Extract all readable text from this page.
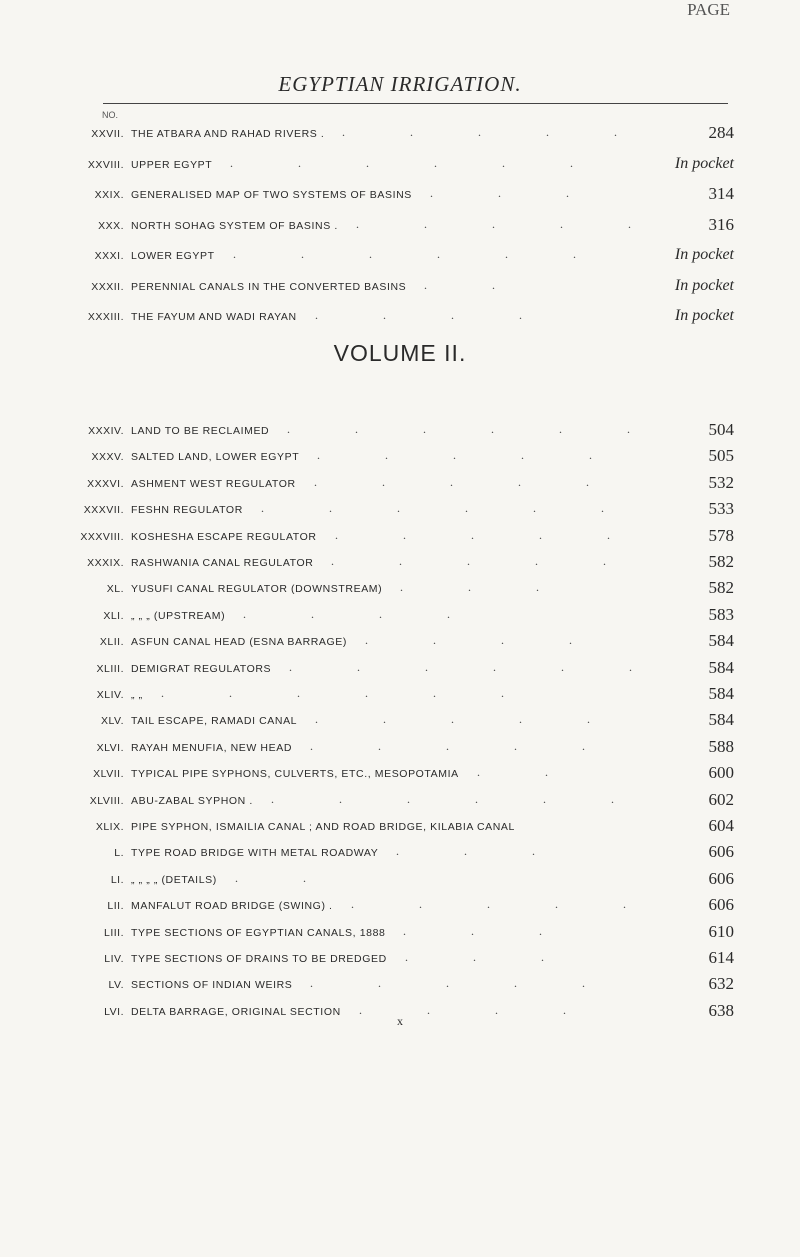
EGYPTIAN IRRIGATION.
NO.
PAGE
XXVII. THE ATBARA AND RAHAD RIVERS . . . . . .	284
XXVIII. UPPER EGYPT . . . . . .	In pocket
XXIX. GENERALISED MAP OF TWO SYSTEMS OF BASINS . . .	314
XXX. NORTH SOHAG SYSTEM OF BASINS . . . . . .	316
XXXI. LOWER EGYPT . . . . . .	In pocket
XXXII. PERENNIAL CANALS IN THE CONVERTED BASINS . .	In pocket
XXXIII. THE FAYUM AND WADI RAYAN . . . .	In pocket
VOLUME II.
XXXIV. LAND TO BE RECLAIMED . . . . . .	504
XXXV. SALTED LAND, LOWER EGYPT . . . . .	505
XXXVI. ASHMENT WEST REGULATOR . . . . .	532
XXXVII. FESHN REGULATOR . . . . . .	533
XXXVIII. KOSHESHA ESCAPE REGULATOR . . . . .	578
XXXIX. RASHWANIA CANAL REGULATOR . . . . .	582
XL. YUSUFI CANAL REGULATOR (DOWNSTREAM) . . .	582
XLI. „ „ „ (UPSTREAM) . . . .	583
XLII. ASFUN CANAL HEAD (ESNA BARRAGE) . . . .	584
XLIII. DEMIGRAT REGULATORS . . . . . .	584
XLIV. „ „ . . . . . .	584
XLV. TAIL ESCAPE, RAMADI CANAL . . . . .	584
XLVI. RAYAH MENUFIA, NEW HEAD . . . . .	588
XLVII. TYPICAL PIPE SYPHONS, CULVERTS, ETC., MESOPOTAMIA . .	600
XLVIII. ABU-ZABAL SYPHON . . . . . . .	602
XLIX. PIPE SYPHON, ISMAILIA CANAL ; AND ROAD BRIDGE, KILABIA CANAL	604
L. TYPE ROAD BRIDGE WITH METAL ROADWAY . . .	606
LI. „ „ „ „ (DETAILS) . .	606
LII. MANFALUT ROAD BRIDGE (SWING) . . . . . .	606
LIII. TYPE SECTIONS OF EGYPTIAN CANALS, 1888 . . .	610
LIV. TYPE SECTIONS OF DRAINS TO BE DREDGED . . .	614
LV. SECTIONS OF INDIAN WEIRS . . . . .	632
LVI. DELTA BARRAGE, ORIGINAL SECTION . . . .	638
x
